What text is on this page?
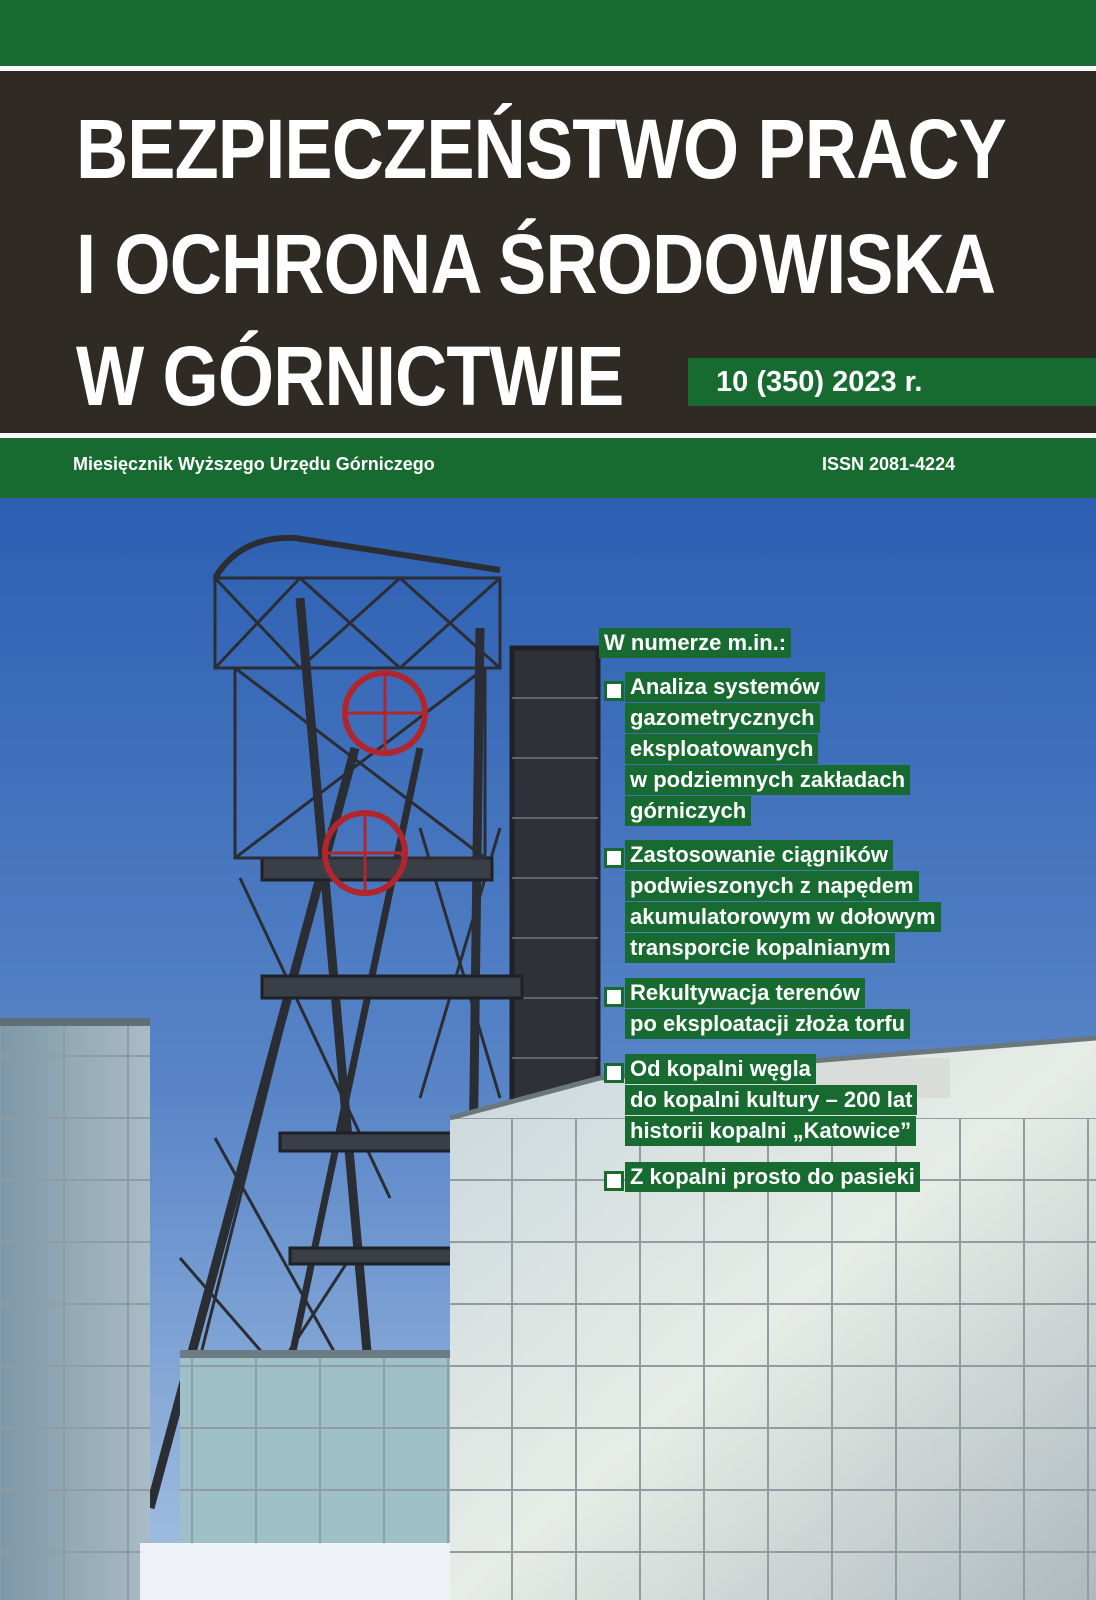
BEZPIECZEŃSTWO PRACY
I OCHRONA ŚRODOWISKA
W GÓRNICTWIE	10 (350) 2023 r.
Miesięcznik Wyższego Urzędu Górniczego	ISSN 2081-4224
W numerze m.in.:
Analiza systemów
gazometrycznych
eksploatowanych
w podziemnych zakładach
górniczych
Zastosowanie ciągników
podwieszonych z napędem
akumulatorowym w dołowym
transporcie kopalnianym
Rekultywacja terenów
po eksploatacji złoża torfu
Od kopalni węgla
do kopalni kultury – 200 lat
historii kopalni „Katowice”
Z kopalni prosto do pasieki
